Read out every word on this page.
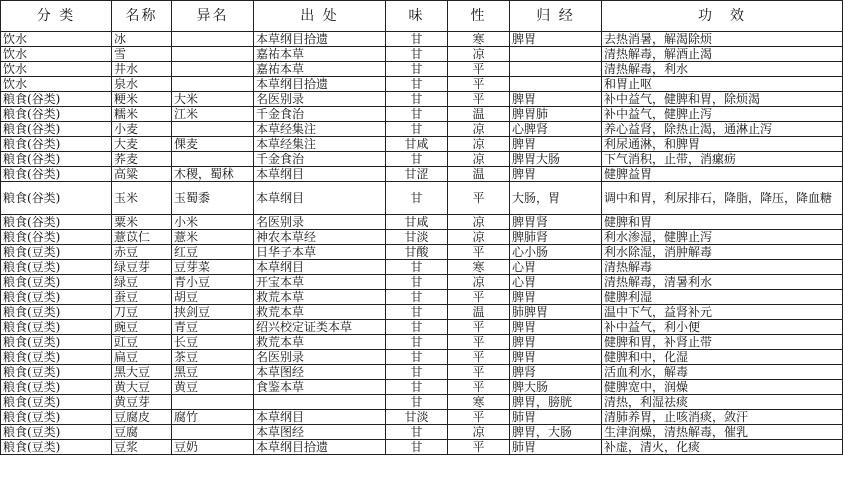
分 类	名称	异名	出 处	味	性	归 经	功　效
饮水	冰		本草纲目拾遗	甘	寒	脾胃	去热消暑，解渴除烦
饮水	雪		嘉祐本草	甘	凉		清热解毒，解酒止渴
饮水	井水		嘉祐本草	甘	平		清热解毒，利水
饮水	泉水		本草纲目拾遗	甘	平		和胃止呕
粮食(谷类)	粳米	大米	名医别录	甘	平	脾胃	补中益气，健脾和胃，除烦渴
粮食(谷类)	糯米	江米	千金食治	甘	温	脾胃肺	补中益气，健脾止泻
粮食(谷类)	小麦		本草经集注	甘	凉	心脾肾	养心益肾，除热止渴，通淋止泻
粮食(谷类)	大麦	倮麦	本草经集注	甘咸	凉	脾胃	利尿通淋，和脾胃
粮食(谷类)	荞麦		千金食治	甘	凉	脾胃大肠	下气消积，止带，消瘰疬
粮食(谷类)	高粱	木稷，蜀秫	本草纲目	甘涩	温	脾胃	健脾益胃
粮食(谷类)	玉米	玉蜀黍	本草纲目	甘	平	大肠，胃	调中和胃，利尿排石，降脂，降压，降血糖
粮食(谷类)	粟米	小米	名医别录	甘咸	凉	脾胃肾	健脾和胃
粮食(谷类)	薏苡仁	薏米	神农本草经	甘淡	凉	脾肺肾	利水渗湿，健脾止泻
粮食(豆类)	赤豆	红豆	日华子本草	甘酸	平	心小肠	利水除湿，消肿解毒
粮食(豆类)	绿豆芽	豆芽菜	本草纲目	甘	寒	心胃	清热解毒
粮食(豆类)	绿豆	青小豆	开宝本草	甘	凉	心胃	清热解毒，清暑利水
粮食(豆类)	蚕豆	胡豆	救荒本草	甘	平	脾胃	健脾利湿
粮食(豆类)	刀豆	挟剑豆	救荒本草	甘	温	肺脾胃	温中下气，益肾补元
粮食(豆类)	豌豆	青豆	绍兴校定证类本草	甘	平	脾胃	补中益气，利小便
粮食(豆类)	豇豆	长豆	救荒本草	甘	平	脾胃	健脾和胃，补肾止带
粮食(豆类)	扁豆	茶豆	名医别录	甘	平	脾胃	健脾和中，化湿
粮食(豆类)	黑大豆	黑豆	本草图经	甘	平	脾肾	活血利水，解毒
粮食(豆类)	黄大豆	黄豆	食鉴本草	甘	平	脾大肠	健脾宽中，润燥
粮食(豆类)	黄豆芽			甘	寒	脾胃，膀胱	清热，利湿祛痰
粮食(豆类)	豆腐皮	腐竹	本草纲目	甘淡	平	肺胃	清肺养胃，止咳消痰，敛汗
粮食(豆类)	豆腐		本草图经	甘	凉	脾胃，大肠	生津润燥，清热解毒，催乳
粮食(豆类)	豆浆	豆奶	本草纲目拾遗	甘	平	肺胃	补虚，清火，化痰
